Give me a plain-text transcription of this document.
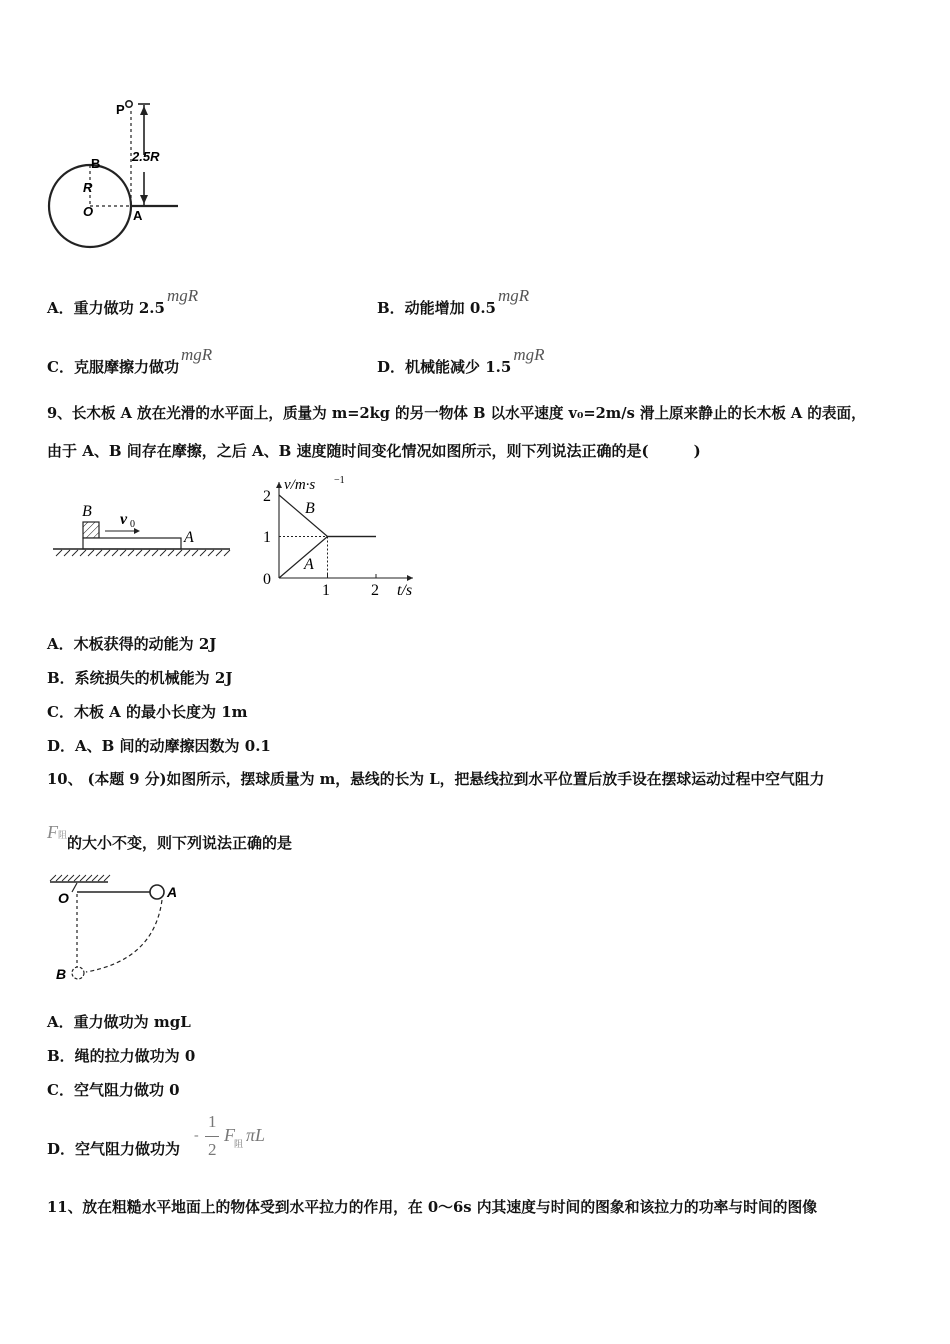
P
2.5R
B
R
O	A
A．重力做功 2.5mgR
B．动能增加 0.5mgR
C．克服摩擦力做功mgR
D．机械能减少 1.5mgR
9、长木板 A 放在光滑的水平面上，质量为 m=2kg 的另一物体 B 以水平速度 v₀=2m/s 滑上原来静止的长木板 A 的表面，
由于 A、B 间存在摩擦，之后 A、B 速度随时间变化情况如图所示，则下列说法正确的是(　　　)
B v 0
A
2
1
0
1	2
v/m·s −1
t/s
B
A
A．木板获得的动能为 2J
B．系统损失的机械能为 2J
C．木板 A 的最小长度为 1m
D．A、B 间的动摩擦因数为 0.1
10、 (本题 9 分)如图所示，摆球质量为 m，悬线的长为 L，把悬线拉到水平位置后放手设在摆球运动过程中空气阻力
F阻的大小不变，则下列说法正确的是
O	A
B
A．重力做功为 mgL
B．绳的拉力做功为 0
C．空气阻力做功 0
D．空气阻力做功为
-
1
2
F 阻 πL
11、放在粗糙水平地面上的物体受到水平拉力的作用，在 0～6s 内其速度与时间的图象和该拉力的功率与时间的图像
